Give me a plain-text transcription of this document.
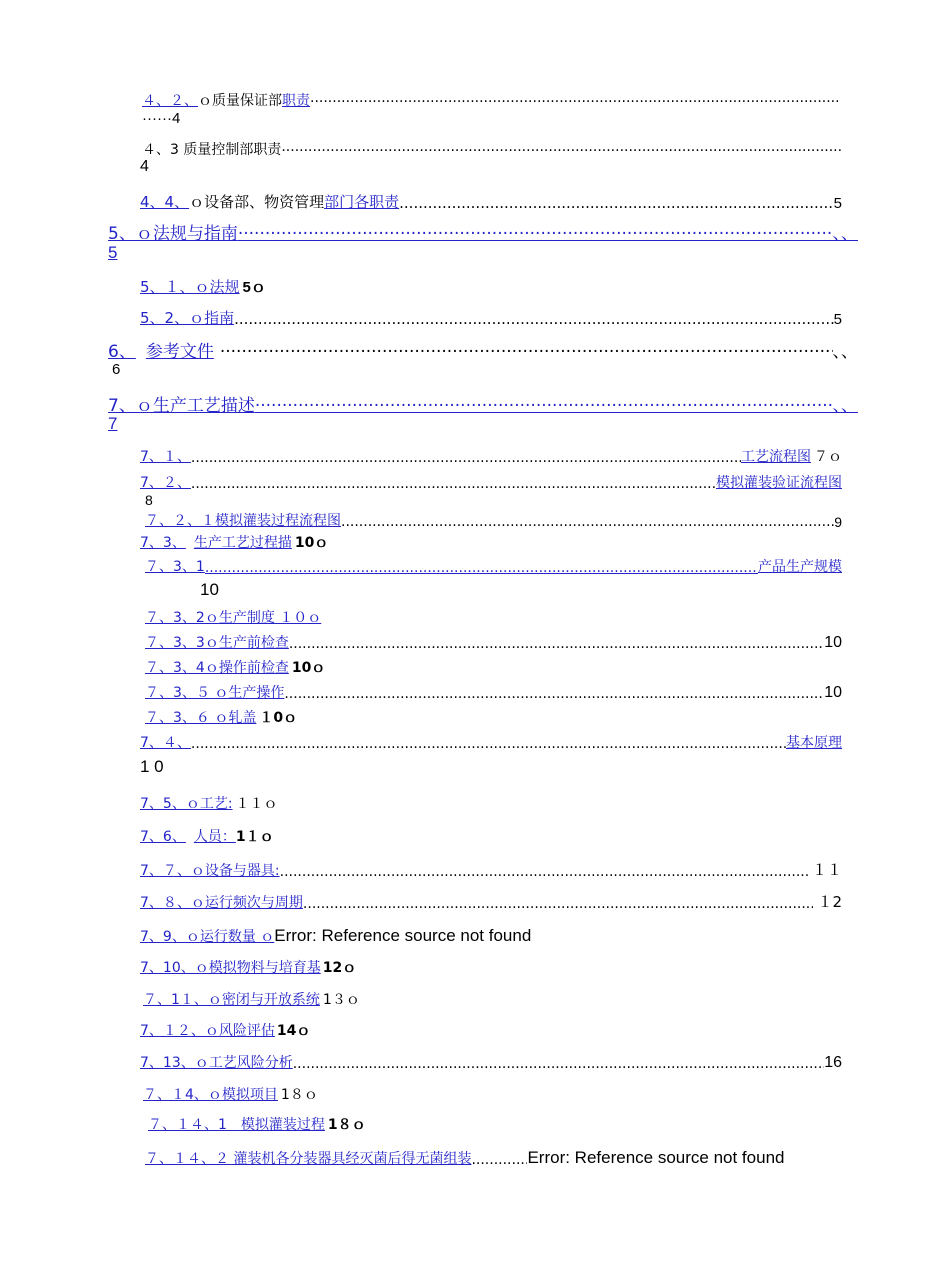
４、２、 ｏ 质量保证部 职责
·····
······4
４、3 质量控制部职责
·····
4
4、4、 ｏ 设备部、物资管理 部门各职责 .....	5
5、ｏ法规与指南 ·····	、、
5
5、１、ｏ法规 5ｏ
5、2、ｏ指南 .....	5
6、 参考文件 ·····	、、
6
7、ｏ生产工艺描述 ·····	、、
7
7、１、 .....	工艺流程图 ７ｏ
7、２、 .....	模拟灌装验证流程图
8
７、２、１模拟灌装过程流程图 .....	9
7、3、 生产工艺过程描 10ｏ
７、3、1 .....	产品生产规模
10
７、3、2ｏ生产制度 １０ｏ
７、3、3ｏ生产前检查 .....	10
７、3、4ｏ操作前检查 10ｏ
７、3、５ ｏ生产操作 .....	10
７、3、６ ｏ轧盖 １0ｏ
7、４、 .....	基本原理
1 0
7、5、ｏ工艺: １１ｏ
7、6、 人员： 1１ｏ
7、７、ｏ设备与器具: .....	１１
7、８、ｏ运行频次与周期 .....	１2
7、9、ｏ运行数量 ｏ Error: Reference source not found
7、10、ｏ模拟物料与培育基 12ｏ
７、1１、ｏ密闭与开放系统 1３ｏ
7、１２、ｏ风险评估 14ｏ
7、13、ｏ工艺风险分析 .....	16
７、１4、ｏ模拟项目 1８ｏ
７、１４、1　模拟灌装过程 1８ｏ
７、１４、２ 灌装机各分装器具经灭菌后得无菌组装 .....	Error: Reference source not found
